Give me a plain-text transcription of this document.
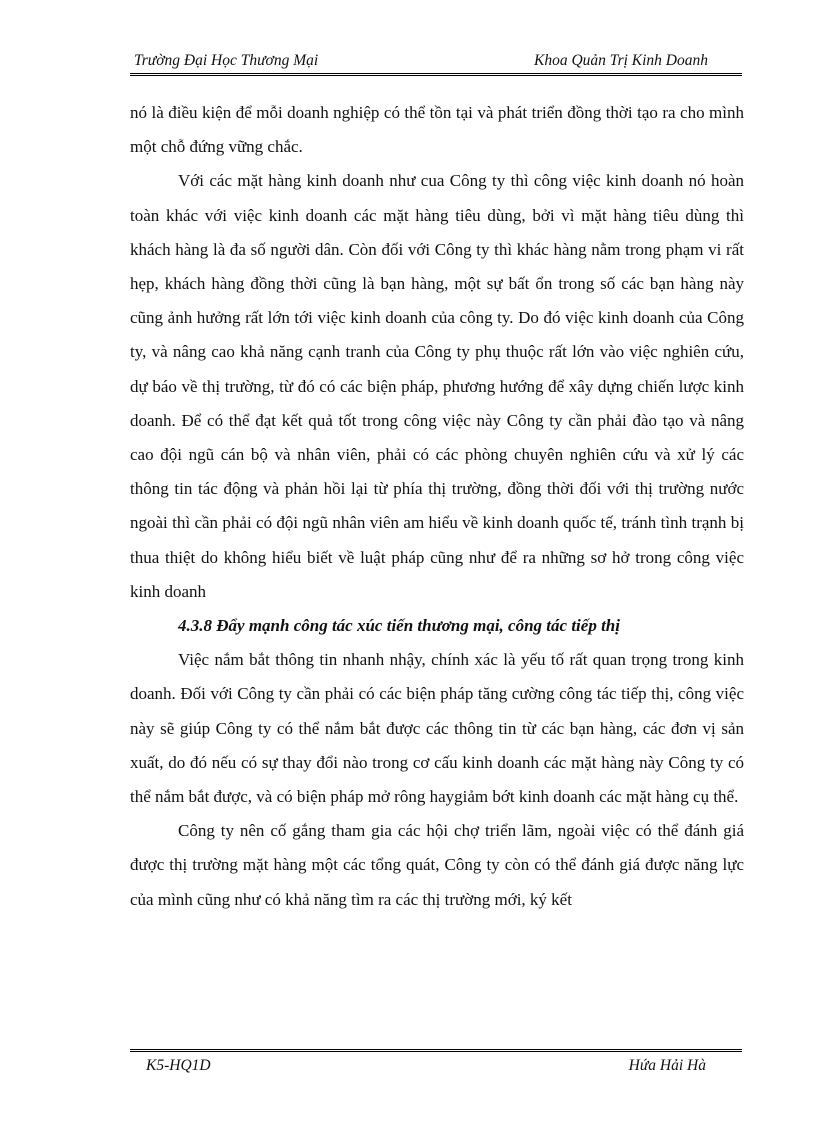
Trường Đại Học Thương Mại	Khoa Quản Trị Kinh Doanh

nó là điều kiện để mỗi doanh nghiệp có thể tồn tại và phát triển đồng thời tạo ra cho mình một chỗ đứng vững chắc.

Với các mặt hàng kinh doanh như cua Công ty thì công việc kinh doanh nó hoàn toàn khác với việc kinh doanh các mặt hàng tiêu dùng, bởi vì mặt hàng tiêu dùng thì khách hàng là đa số người dân. Còn đối với Công ty thì khác hàng nằm trong phạm vi rất hẹp, khách hàng đồng thời cũng là bạn hàng, một sự bất ổn trong số các bạn hàng này cũng ảnh hưởng rất lớn tới việc kinh doanh của công ty. Do đó việc kinh doanh của Công ty, và nâng cao khả năng cạnh tranh của Công ty phụ thuộc rất lớn vào việc nghiên cứu, dự báo về thị trường, từ đó có các biện pháp, phương hướng để xây dựng chiến lược kinh doanh. Để có thể đạt kết quả tốt trong công việc này Công ty cần phải đào tạo và nâng cao đội ngũ cán bộ và nhân viên, phải có các phòng chuyên nghiên cứu và xử lý các thông tin tác động và phản hồi lại từ phía thị trường, đồng thời đối với thị trường nước ngoài thì cần phải có đội ngũ nhân viên am hiểu về kinh doanh quốc tế, tránh tình trạnh bị thua thiệt do không hiểu biết về luật pháp cũng như để ra những sơ hở trong công việc kinh doanh

4.3.8 Đẩy mạnh công tác xúc tiến thương mại, công tác tiếp thị

Việc nắm bắt thông tin nhanh nhậy, chính xác là yếu tố rất quan trọng trong kinh doanh. Đối với Công ty cần phải có các biện pháp tăng cường công tác tiếp thị, công việc này sẽ giúp Công ty có thể nắm bắt được các thông tin từ các bạn hàng, các đơn vị sản xuất, do đó nếu có sự thay đổi nào trong cơ cấu kinh doanh các mặt hàng này Công ty có thể nắm bắt được, và có biện pháp mở rông haygiảm bớt kinh doanh các mặt hàng cụ thể.

Công ty nên cố gắng tham gia các hội chợ triển lãm, ngoài việc có thể đánh giá được thị trường mặt hàng một các tổng quát, Công ty còn có thể đánh giá được năng lực của mình cũng như có khả năng tìm ra các thị trường mới, ký kết

K5-HQ1D	Hứa Hải Hà
